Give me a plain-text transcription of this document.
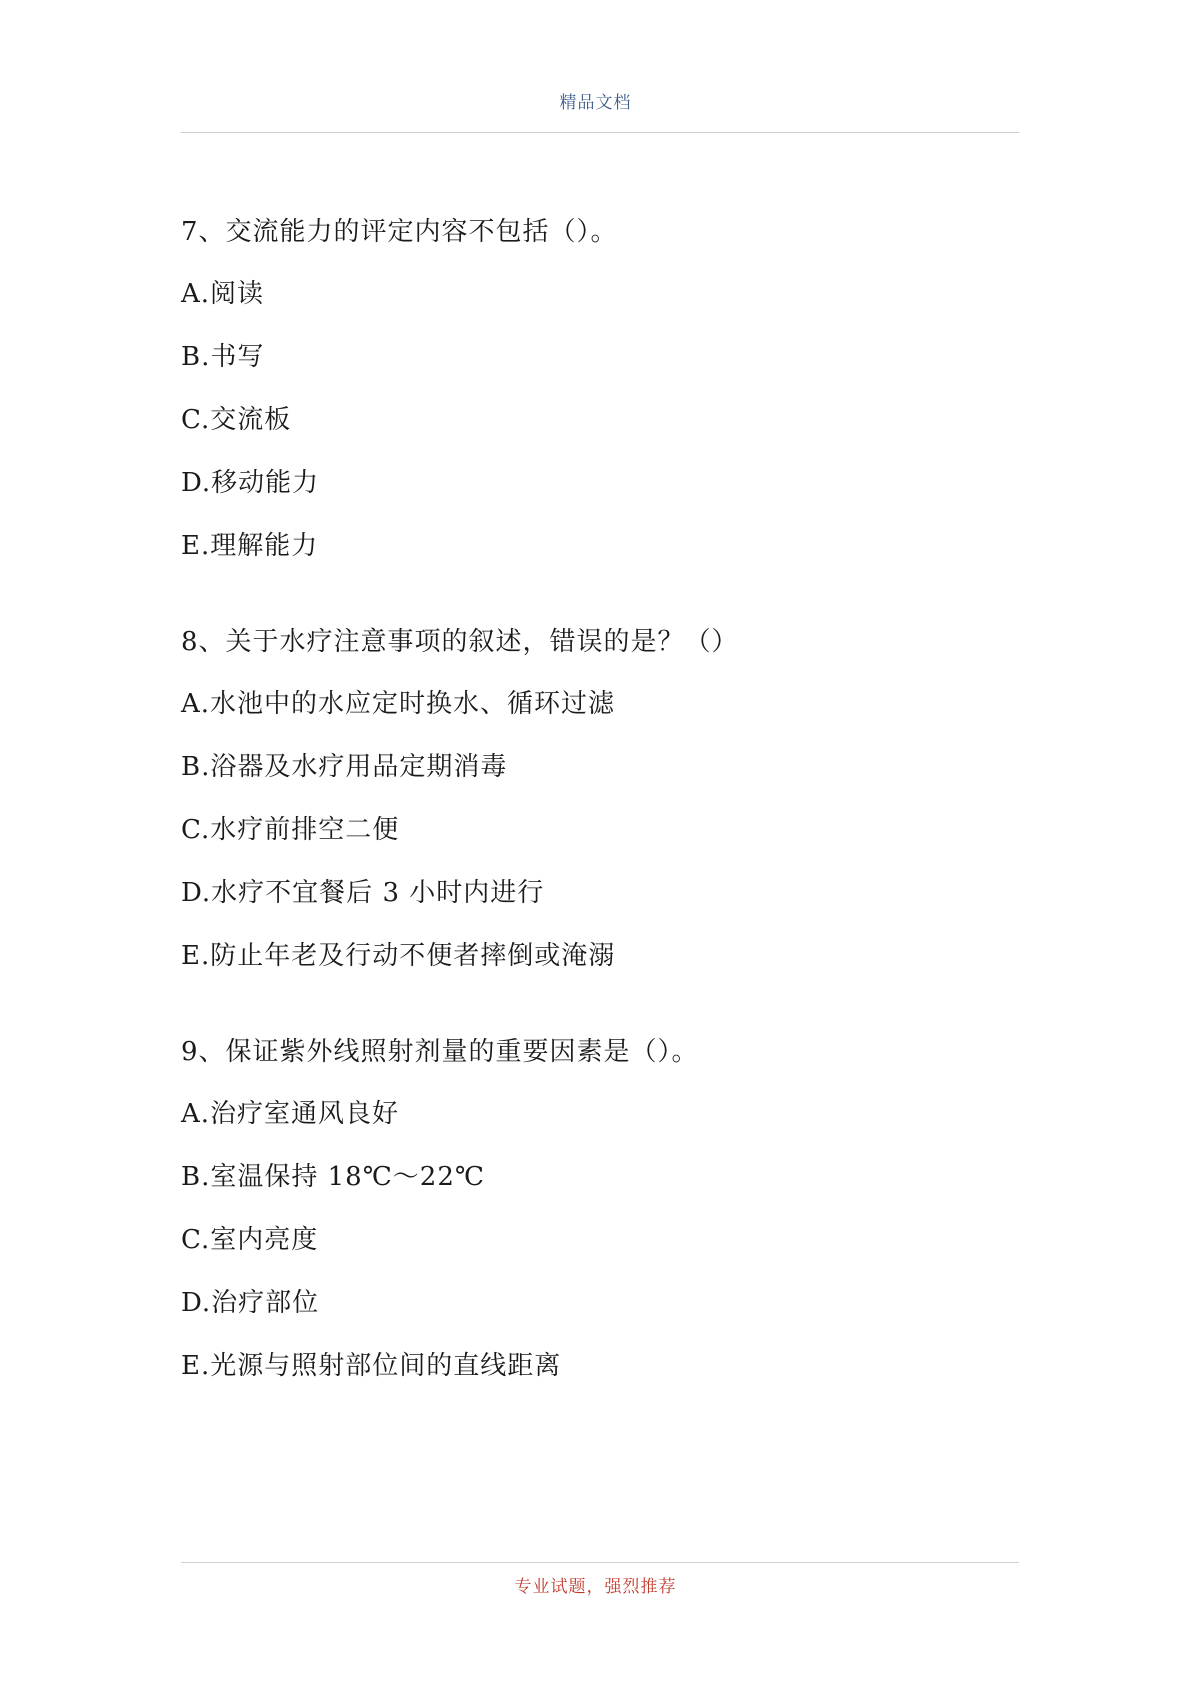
精品文档
7、交流能力的评定内容不包括（）。
A.阅读
B.书写
C.交流板
D.移动能力
E.理解能力
8、关于水疗注意事项的叙述，错误的是？（）
A.水池中的水应定时换水、循环过滤
B.浴器及水疗用品定期消毒
C.水疗前排空二便
D.水疗不宜餐后 3 小时内进行
E.防止年老及行动不便者摔倒或淹溺
9、保证紫外线照射剂量的重要因素是（）。
A.治疗室通风良好
B.室温保持 18℃～22℃
C.室内亮度
D.治疗部位
E.光源与照射部位间的直线距离
专业试题，强烈推荐
